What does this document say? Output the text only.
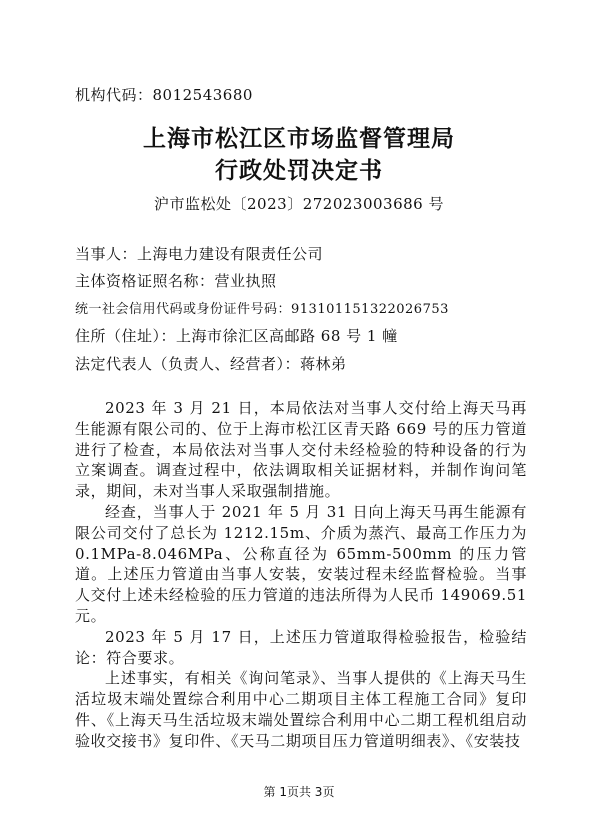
机构代码：8012543680
上海市松江区市场监督管理局
行政处罚决定书
沪市监松处〔2023〕272023003686 号
当事人：上海电力建设有限责任公司
主体资格证照名称：营业执照
统一社会信用代码或身份证件号码：913101151322026753
住所（住址）：上海市徐汇区高邮路 68 号 1 幢
法定代表人（负责人、经营者）：蒋林弟

2023 年 3 月 21 日，本局依法对当事人交付给上海天马再生能源有限公司的、位于上海市松江区青天路 669 号的压力管道进行了检查，本局依法对当事人交付未经检验的特种设备的行为立案调查。调查过程中，依法调取相关证据材料，并制作询问笔录，期间，未对当事人采取强制措施。

经查，当事人于 2021 年 5 月 31 日向上海天马再生能源有限公司交付了总长为 1212.15m、介质为蒸汽、最高工作压力为 0.1MPa-8.046MPa、公称直径为 65mm-500mm 的压力管道。上述压力管道由当事人安装，安装过程未经监督检验。当事人交付上述未经检验的压力管道的违法所得为人民币 149069.51 元。

2023 年 5 月 17 日，上述压力管道取得检验报告，检验结论：符合要求。

上述事实，有相关《询问笔录》、当事人提供的《上海天马生活垃圾末端处置综合利用中心二期项目主体工程施工合同》复印件、《上海天马生活垃圾末端处置综合利用中心二期工程机组启动验收交接书》复印件、《天马二期项目压力管道明细表》、《安装技

第 1页共 3页
